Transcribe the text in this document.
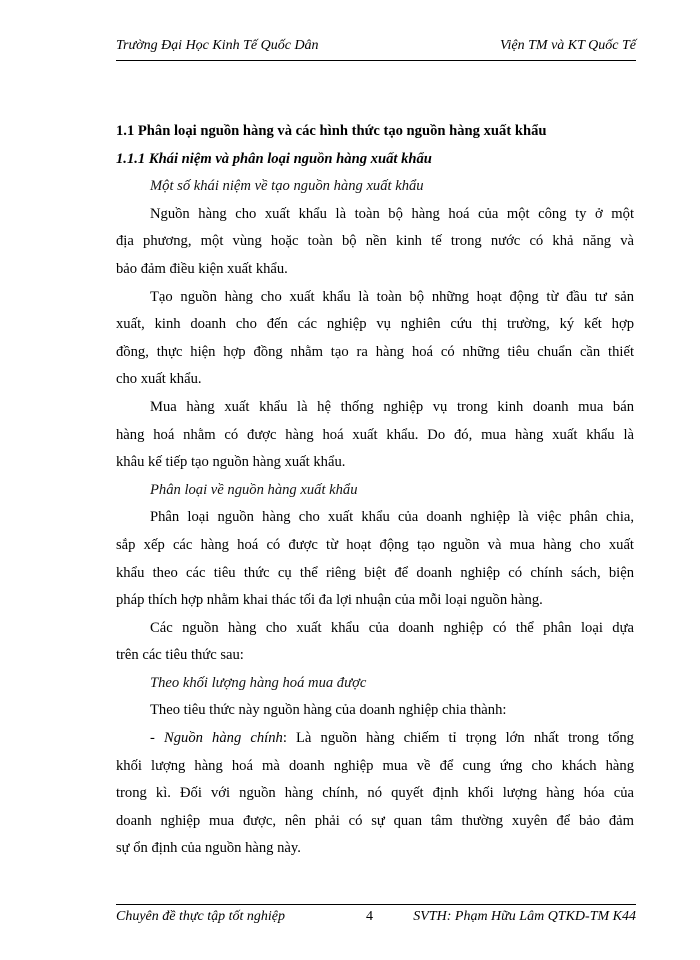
Trường Đại Học Kinh Tế Quốc Dân	Viện TM và KT Quốc Tế
1.1 Phân loại nguồn hàng và các hình thức tạo nguồn hàng xuất khẩu
1.1.1 Khái niệm và phân loại nguồn hàng xuất khẩu
Một số khái niệm về tạo nguồn hàng xuất khẩu
Nguồn hàng cho xuất khẩu là toàn bộ hàng hoá của một công ty ở một
địa phương, một vùng hoặc toàn bộ nền kinh tế trong nước có khả năng và
bảo đảm điều kiện xuất khẩu.
Tạo nguồn hàng cho xuất khẩu là toàn bộ những hoạt động từ đầu tư sản
xuất, kinh doanh cho đến các nghiệp vụ nghiên cứu thị trường, ký kết hợp
đồng, thực hiện hợp đồng nhằm tạo ra hàng hoá có những tiêu chuẩn cần thiết
cho xuất khẩu.
Mua hàng xuất khẩu là hệ thống nghiệp vụ trong kinh doanh mua bán
hàng hoá nhằm có được hàng hoá xuất khẩu. Do đó, mua hàng xuất khẩu là
khâu kế tiếp tạo nguồn hàng xuất khẩu.
Phân loại về nguồn hàng xuất khẩu
Phân loại nguồn hàng cho xuất khẩu của doanh nghiệp là việc phân chia,
sắp xếp các hàng hoá có được từ hoạt động tạo nguồn và mua hàng cho xuất
khẩu theo các tiêu thức cụ thể riêng biệt để doanh nghiệp có chính sách, biện
pháp thích hợp nhằm khai thác tối đa lợi nhuận của mỗi loại nguồn hàng.
Các nguồn hàng cho xuất khẩu của doanh nghiệp có thể phân loại dựa
trên các tiêu thức sau:
Theo khối lượng hàng hoá mua được
Theo tiêu thức này nguồn hàng của doanh nghiệp chia thành:
- Nguồn hàng chính: Là nguồn hàng chiếm tỉ trọng lớn nhất trong tổng
khối lượng hàng hoá mà doanh nghiệp mua về để cung ứng cho khách hàng
trong kì. Đối với nguồn hàng chính, nó quyết định khối lượng hàng hóa của
doanh nghiệp mua được, nên phải có sự quan tâm thường xuyên để bảo đảm
sự ổn định của nguồn hàng này.
Chuyên đề thực tập tốt nghiệp	4	SVTH: Phạm Hữu Lâm QTKD-TM K44
